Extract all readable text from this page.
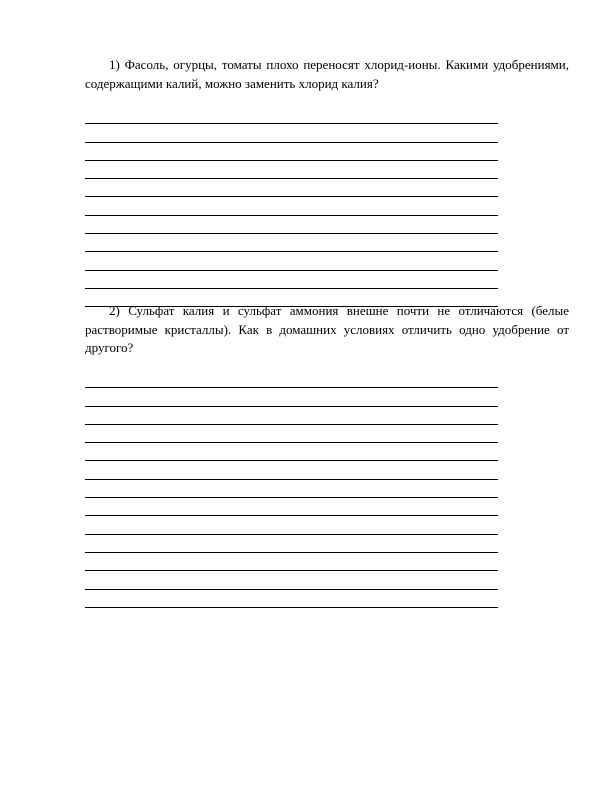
1) Фасоль, огурцы, томаты плохо переносят хлорид-ионы. Какими удобрениями, содержащими калий, можно заменить хлорид калия?

2) Сульфат калия и сульфат аммония внешне почти не отличаются (белые растворимые кристаллы). Как в домашних условиях отличить одно удобрение от другого?
